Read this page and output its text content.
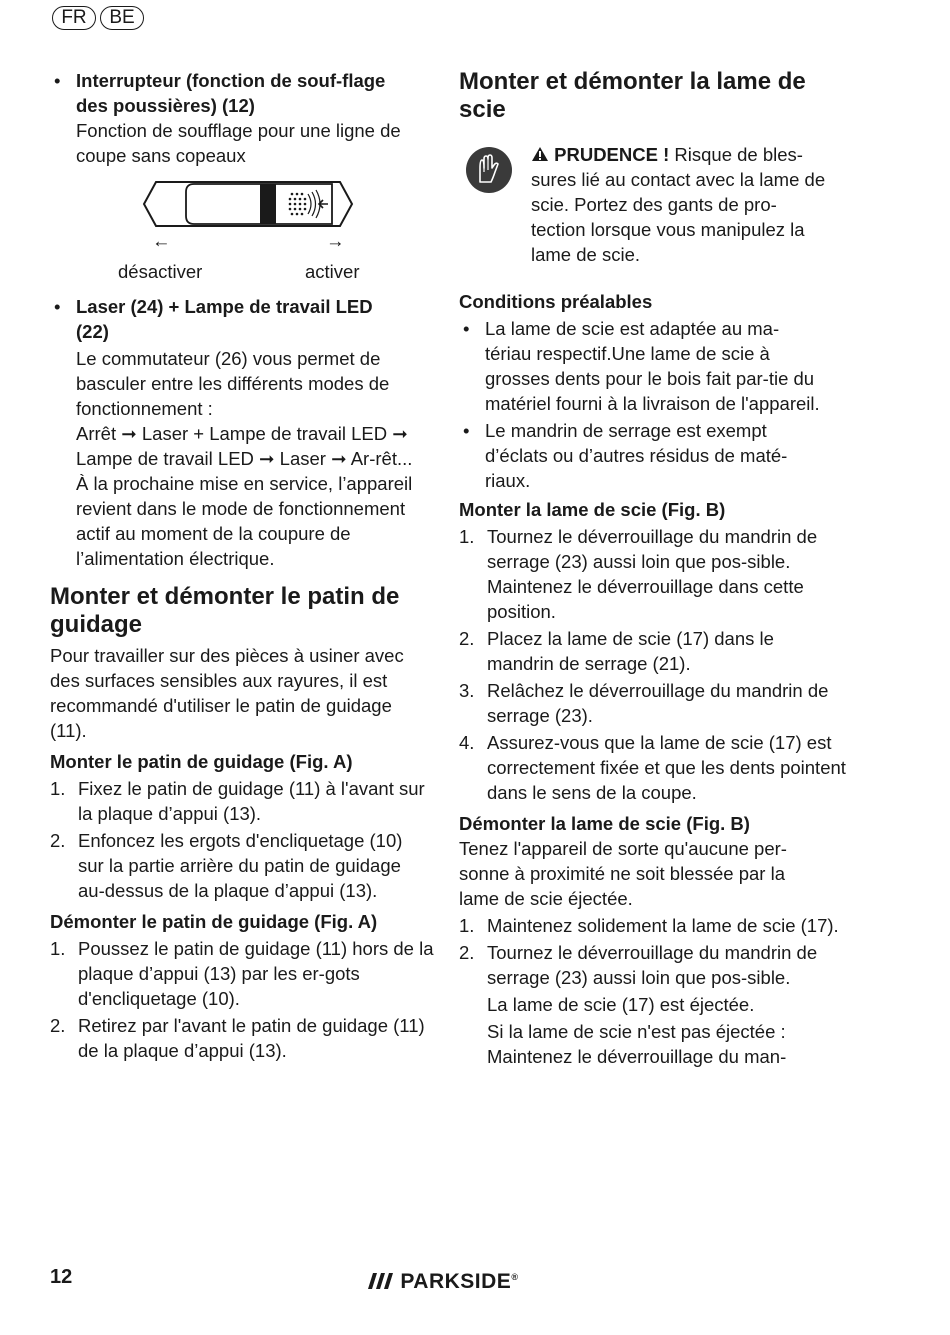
FR	BE
• Interrupteur (fonction de souf-flage des poussières) (12)
Fonction de soufflage pour une ligne de coupe sans copeaux
←	→
désactiver	activer
• Laser (24) + Lampe de travail LED (22)
Le commutateur (26) vous permet de basculer entre les différents modes de fonctionnement :
Arrêt ➞ Laser + Lampe de travail LED ➞ Lampe de travail LED ➞ Laser ➞ Ar-rêt...
À la prochaine mise en service, l’appareil revient dans le mode de fonctionnement actif au moment de la coupure de l’alimentation électrique.
Monter et démonter le patin de guidage

Pour travailler sur des pièces à usiner avec des surfaces sensibles aux rayures, il est recommandé d'utiliser le patin de guidage (11).

Monter le patin de guidage (Fig. A)
1. Fixez le patin de guidage (11) à l'avant sur la plaque d’appui (13).
2. Enfoncez les ergots d'encliquetage (10) sur la partie arrière du patin de guidage au-dessus de la plaque d’appui (13).
Démonter le patin de guidage (Fig. A)
1. Poussez le patin de guidage (11) hors de la plaque d’appui (13) par les er-gots d'encliquetage (10).
2. Retirez par l'avant le patin de guidage (11) de la plaque d’appui (13).
Monter et démonter la lame de scie
PRUDENCE ! Risque de bles-sures lié au contact avec la lame de scie. Portez des gants de pro-tection lorsque vous manipulez la lame de scie.
Conditions préalables
• La lame de scie est adaptée au ma-tériau respectif.Une lame de scie à grosses dents pour le bois fait par-tie du matériel fourni à la livraison de l'appareil.
• Le mandrin de serrage est exempt d’éclats ou d’autres résidus de maté-riaux.
Monter la lame de scie (Fig. B)
1. Tournez le déverrouillage du mandrin de serrage (23) aussi loin que pos-sible. Maintenez le déverrouillage dans cette position.
2. Placez la lame de scie (17) dans le mandrin de serrage (21).
3. Relâchez le déverrouillage du mandrin de serrage (23).
4. Assurez-vous que la lame de scie (17) est correctement fixée et que les dents pointent dans le sens de la coupe.
Démonter la lame de scie (Fig. B)

Tenez l'appareil de sorte qu'aucune per-sonne à proximité ne soit blessée par la lame de scie éjectée.

1. Maintenez solidement la lame de scie (17).
2. Tournez le déverrouillage du mandrin de serrage (23) aussi loin que pos-sible.
La lame de scie (17) est éjectée.
Si la lame de scie n'est pas éjectée : Maintenez le déverrouillage du man-
12	PARKSIDE®
